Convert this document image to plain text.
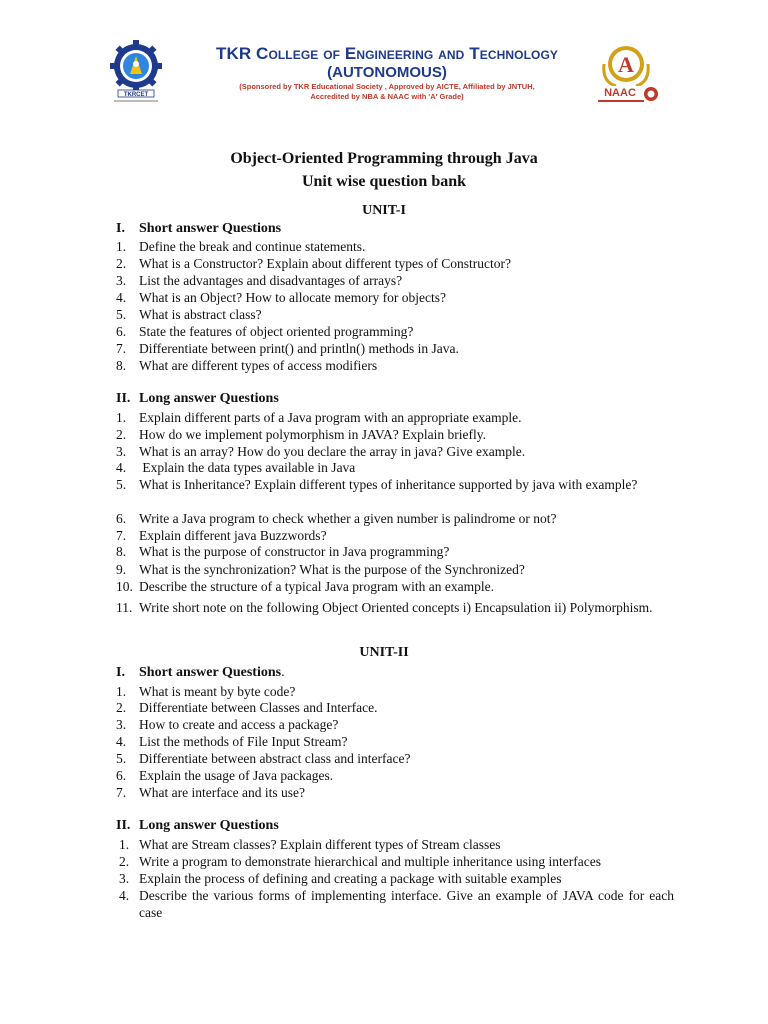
TKRCET
TKR College of Engineering and Technology
(AUTONOMOUS)
(Sponsored by TKR Educational Society , Approved by AICTE, Affiliated by JNTUH,
Accredited by NBA & NAAC with 'A' Grade)
A
NAAC
Object-Oriented Programming through Java
Unit wise question bank
UNIT-I
I. Short answer Questions
1. Define the break and continue statements.
2. What is a Constructor? Explain about different types of Constructor?
3. List the advantages and disadvantages of arrays?
4. What is an Object? How to allocate memory for objects?
5. What is abstract class?
6. State the features of object oriented programming?
7. Differentiate between print() and println() methods in Java.
8. What are different types of access modifiers
II. Long answer Questions
1. Explain different parts of a Java program with an appropriate example.
2. How do we implement polymorphism in JAVA? Explain briefly.
3. What is an array? How do you declare the array in java? Give example.
4. Explain the data types available in Java
5. What is Inheritance? Explain different types of inheritance supported by java with example?
6. Write a Java program to check whether a given number is palindrome or not?
7. Explain different java Buzzwords?
8. What is the purpose of constructor in Java programming?
9. What is the synchronization? What is the purpose of the Synchronized?
10. Describe the structure of a typical Java program with an example.
11. Write short note on the following Object Oriented concepts i) Encapsulation ii) Polymorphism.
UNIT-II
I. Short answer Questions.
1. What is meant by byte code?
2. Differentiate between Classes and Interface.
3. How to create and access a package?
4. List the methods of File Input Stream?
5. Differentiate between abstract class and interface?
6. Explain the usage of Java packages.
7. What are interface and its use?
II. Long answer Questions
1. What are Stream classes? Explain different types of Stream classes
2. Write a program to demonstrate hierarchical and multiple inheritance using interfaces
3. Explain the process of defining and creating a package with suitable examples
4. Describe the various forms of implementing interface. Give an example of JAVA code for each case
